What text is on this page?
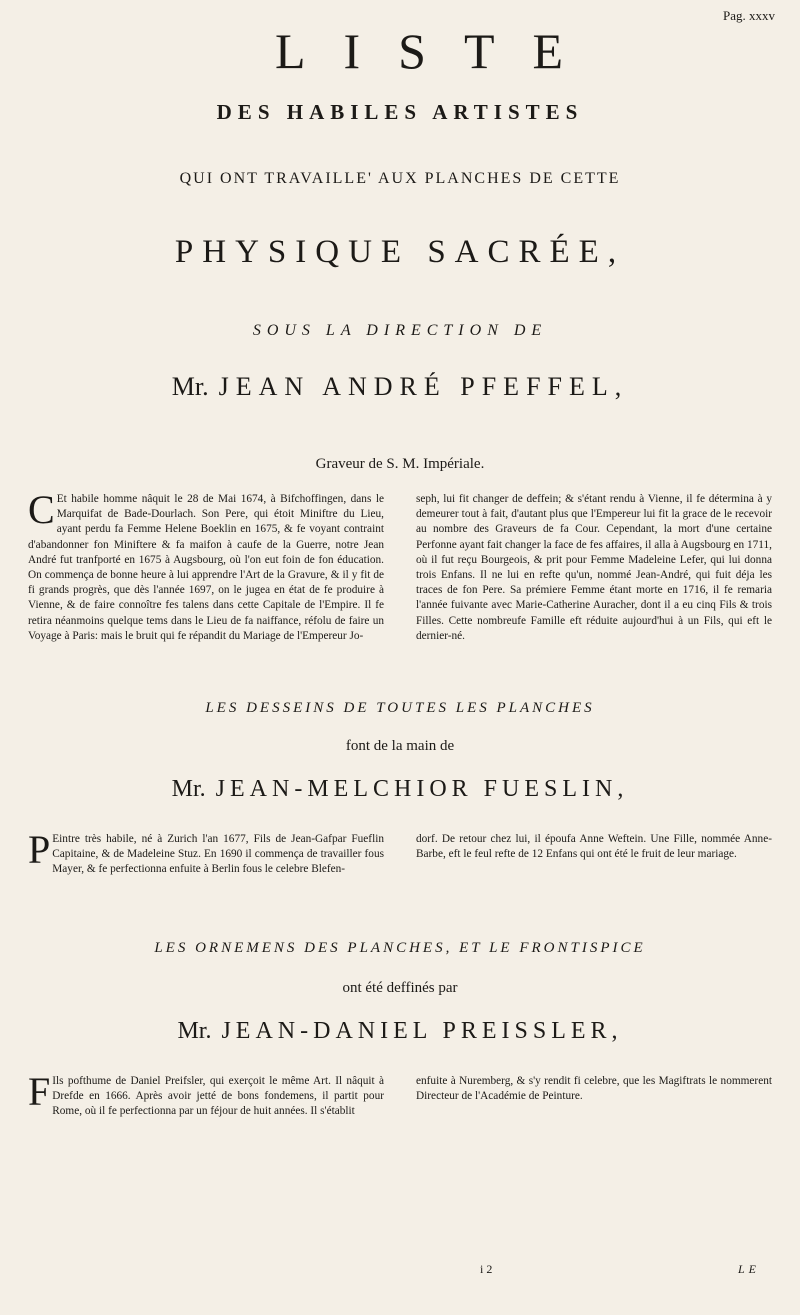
Pag. xxxv
LISTE
DES HABILES ARTISTES
QUI ONT TRAVAILLE' AUX PLANCHES DE CETTE
PHYSIQUE SACRÉE,
SOUS LA DIRECTION DE
Mr. JEAN ANDRÉ PFEFFEL,
Graveur de S. M. Impériale.
C Et habile homme nâquit le 28 de Mai 1674, à Bifchoffingen, dans le Marquifat de Bade-Dourlach. Son Pere, qui étoit Miniftre du Lieu, ayant perdu fa Femme Helene Boeklin en 1675, & fe voyant contraint d'abandonner fon Miniftere & fa maifon à caufe de la Guerre, notre Jean André fut tranfporté en 1675 à Augsbourg, où l'on eut foin de fon éducation. On commença de bonne heure à lui apprendre l'Art de la Gravure, & il y fit de fi grands progrès, que dès l'année 1697, on le jugea en état de fe produire à Vienne, & de faire connoître fes talens dans cette Capitale de l'Empire. Il fe retira néanmoins quelque tems dans le Lieu de fa naiffance, réfolu de faire un Voyage à Paris: mais le bruit qui fe répandit du Mariage de l'Empereur Jo-
seph, lui fit changer de deffein; & s'étant rendu à Vienne, il fe détermina à y demeurer tout à fait, d'autant plus que l'Empereur lui fit la grace de le recevoir au nombre des Graveurs de fa Cour. Cependant, la mort d'une certaine Perfonne ayant fait changer la face de fes affaires, il alla à Augsbourg en 1711, où il fut reçu Bourgeois, & prit pour Femme Madeleine Lefer, qui lui donna trois Enfans. Il ne lui en refte qu'un, nommé Jean-André, qui fuit déja les traces de fon Pere. Sa prémiere Femme étant morte en 1716, il fe remaria l'année fuivante avec Marie-Catherine Auracher, dont il a eu cinq Fils & trois Filles. Cette nombreufe Famille eft réduite aujourd'hui à un Fils, qui eft le dernier-né.
LES DESSEINS DE TOUTES LES PLANCHES
font de la main de
Mr. JEAN-MELCHIOR FUESLIN,
P Eintre très habile, né à Zurich l'an 1677, Fils de Jean-Gafpar Fueflin Capitaine, & de Madeleine Stuz. En 1690 il commença de travailler fous Mayer, & fe perfectionna enfuite à Berlin fous le celebre Blefen-
dorf. De retour chez lui, il époufa Anne Weftein. Une Fille, nommée Anne-Barbe, eft le feul refte de 12 Enfans qui ont été le fruit de leur mariage.
LES ORNEMENS DES PLANCHES, ET LE FRONTISPICE
ont été deffinés par
Mr. JEAN-DANIEL PREISSLER,
F Ils pofthume de Daniel Preifsler, qui exerçoit le même Art. Il nâquit à Drefde en 1666. Après avoir jetté de bons fondemens, il partit pour Rome, où il fe perfectionna par un féjour de huit années. Il s'établit
enfuite à Nuremberg, & s'y rendit fi celebre, que les Magiftrats le nommerent Directeur de l'Académie de Peinture.
i 2	LE
